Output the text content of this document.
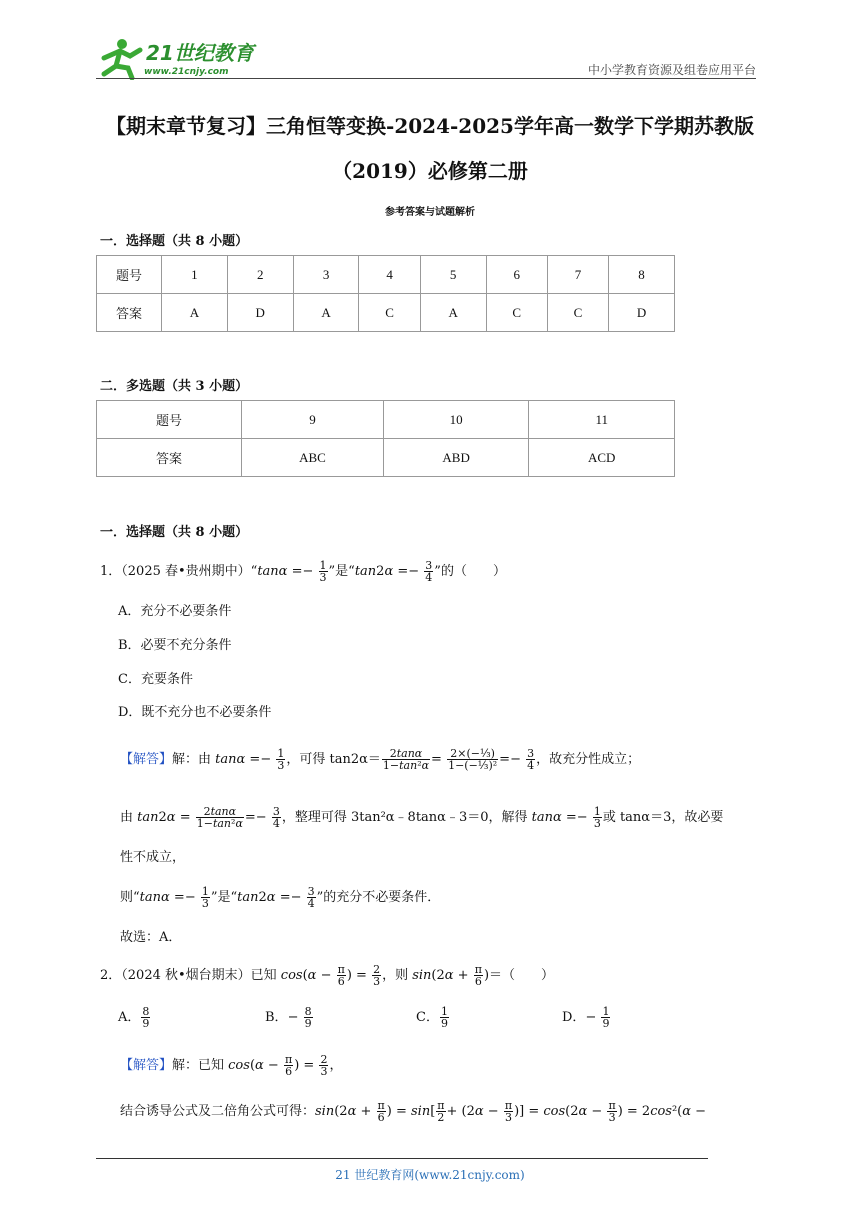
21世纪教育
www.21cnjy.com	中小学教育资源及组卷应用平台
【期末章节复习】三角恒等变换-2024-2025学年高一数学下学期苏教版
（2019）必修第二册
参考答案与试题解析
一．选择题（共 8 小题）
题号	1	2	3	4	5	6	7	8
答案	A	D	A	C	A	C	C	D
二．多选题（共 3 小题）
题号	9	10	11
答案	ABC	ABD	ACD
一．选择题（共 8 小题）
1．（2025 春•贵州期中）“tanα =− $\frac{1}{3}$ ”是“$\tan 2\alpha =- \frac{3}{4}$ ”的（　　）
A．充分不必要条件
B．必要不充分条件
C．充要条件
D．既不充分也不必要条件
【解答】解：由 $\tan\alpha =- \frac{1}{3}$ ，可得 $\tan 2\alpha= \frac{2\tan\alpha}{\text{1−tan²α}} = \frac{\text{2×(−⅓)}}{\text{1−(−⅓)²}} =- \frac{3}{4}$ ，故充分性成立；
由 $\tan 2\alpha = \frac{2\tan\alpha}{\text{1−tan²α}} =- \frac{3}{4}$ ，整理可得 3tan²α﹣8tanα﹣3＝0，解得 $\tan\alpha =- \frac{1}{3}$ 或 tanα＝3，故必要
性不成立，
则“$\tan\alpha =- \frac{1}{3}$ ”是“$\tan 2\alpha =- \frac{3}{4}$ ”的充分不必要条件．
故选：A．
2．（2024 秋•烟台期末）已知 $\cos(\alpha - \frac{\pi}{6}$ ) = $\frac{2}{3}$ ，则 $\sin(2\alpha + \frac{\pi}{6}$ )＝（　　）
A． $\frac{8}{9}$	B．− $\frac{8}{9}$	C． $\frac{1}{9}$	D．− $\frac{1}{9}$
【解答】解：已知 $\cos(\alpha - \frac{\pi}{6}$ ) = $\frac{2}{3}$ ，
结合诱导公式及二倍角公式可得：$\sin(2\alpha + \frac{\pi}{6}$ ) = $\sin[ \frac{\pi}{2} + (2\alpha - \frac{\pi}{3}$ )] = $\cos(2\alpha - \frac{\pi}{3}$ ) = 2cos²(α −
21 世纪教育网(www.21cnjy.com)
